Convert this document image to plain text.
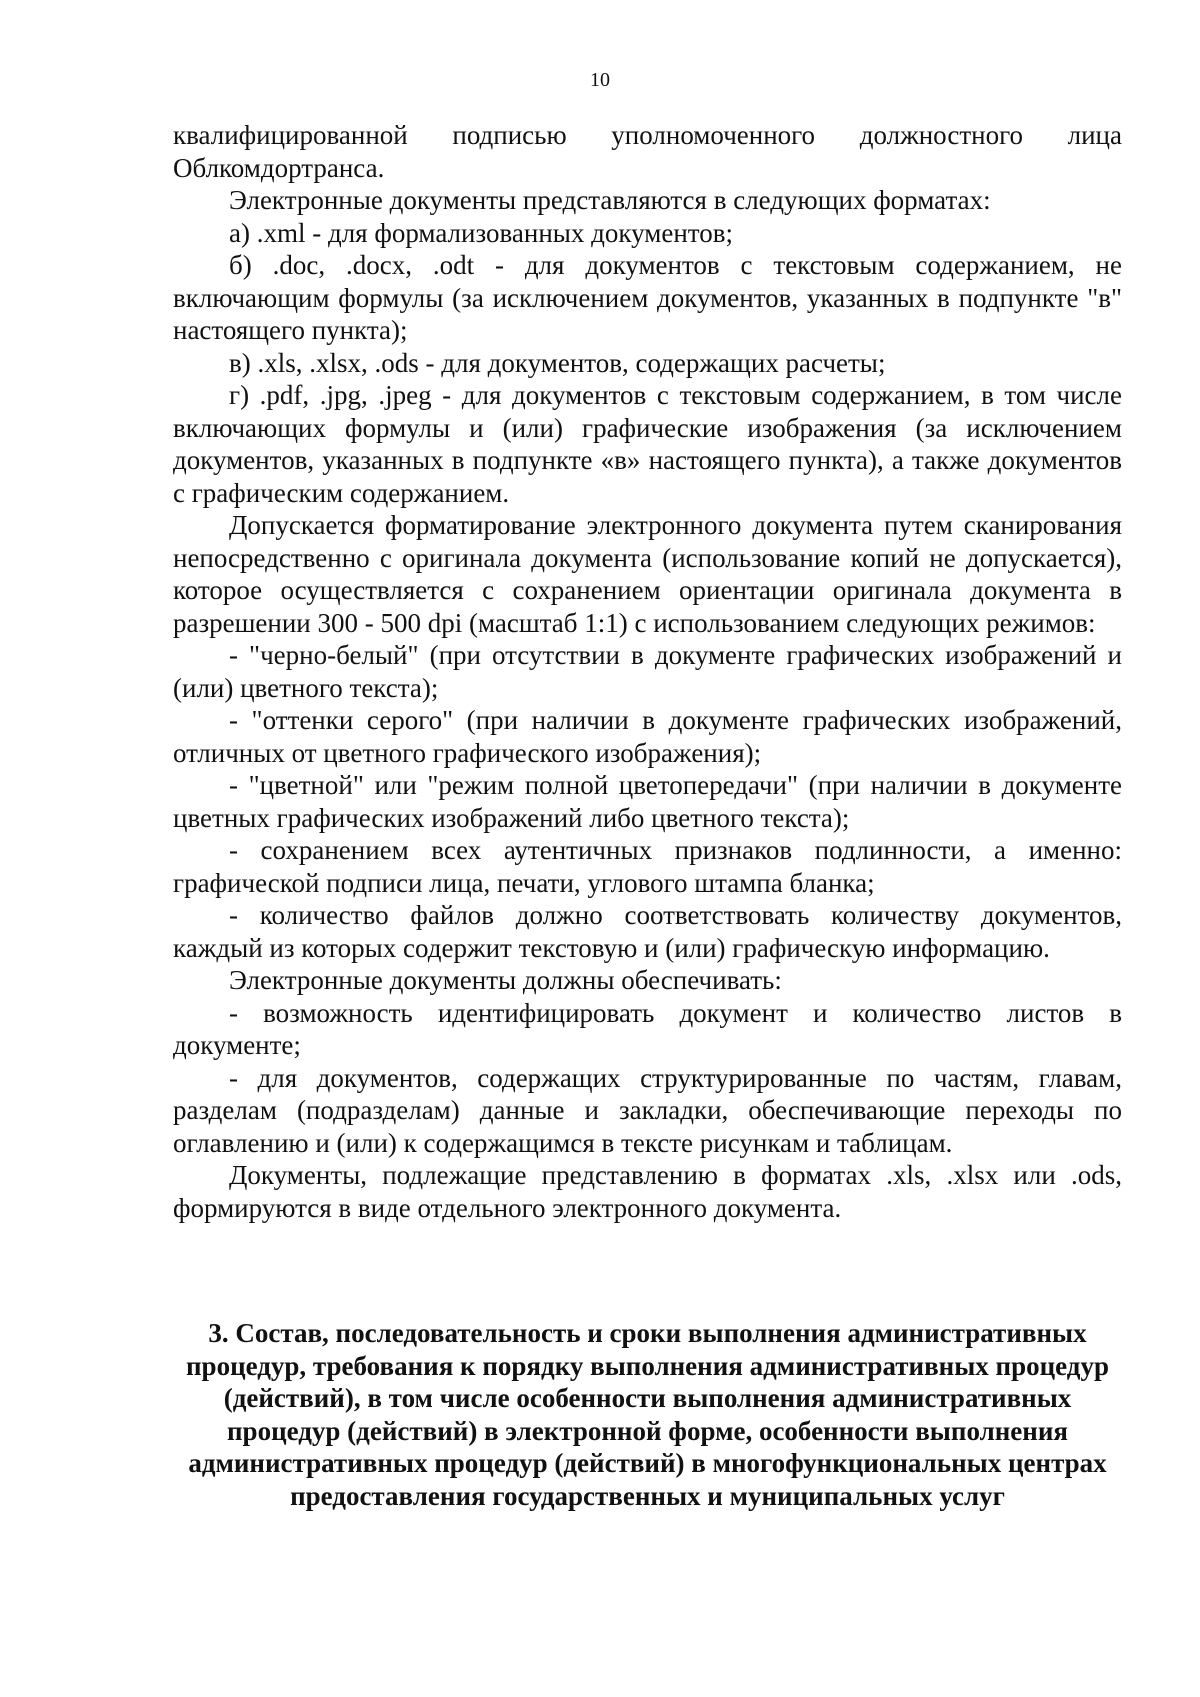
10

квалифицированной подписью уполномоченного должностного лица Облкомдортранса.

Электронные документы представляются в следующих форматах:

а) .xml - для формализованных документов;

б) .doc, .docx, .odt - для документов с текстовым содержанием, не включающим формулы (за исключением документов, указанных в подпункте "в" настоящего пункта);

в) .xls, .xlsx, .ods - для документов, содержащих расчеты;

г) .pdf, .jpg, .jpeg - для документов с текстовым содержанием, в том числе включающих формулы и (или) графические изображения (за исключением документов, указанных в подпункте «в» настоящего пункта), а также документов с графическим содержанием.

Допускается форматирование электронного документа путем сканирования непосредственно с оригинала документа (использование копий не допускается), которое осуществляется с сохранением ориентации оригинала документа в разрешении 300 - 500 dpi (масштаб 1:1) с использованием следующих режимов:

- "черно-белый" (при отсутствии в документе графических изображений и (или) цветного текста);

- "оттенки серого" (при наличии в документе графических изображений, отличных от цветного графического изображения);

- "цветной" или "режим полной цветопередачи" (при наличии в документе цветных графических изображений либо цветного текста);

- сохранением всех аутентичных признаков подлинности, а именно: графической подписи лица, печати, углового штампа бланка;

- количество файлов должно соответствовать количеству документов, каждый из которых содержит текстовую и (или) графическую информацию.

Электронные документы должны обеспечивать:

- возможность идентифицировать документ и количество листов в документе;

- для документов, содержащих структурированные по частям, главам, разделам (подразделам) данные и закладки, обеспечивающие переходы по оглавлению и (или) к содержащимся в тексте рисункам и таблицам.

Документы, подлежащие представлению в форматах .xls, .xlsx или .ods, формируются в виде отдельного электронного документа.

3. Состав, последовательность и сроки выполнения административных процедур, требования к порядку выполнения административных процедур (действий), в том числе особенности выполнения административных процедур (действий) в электронной форме, особенности выполнения административных процедур (действий) в многофункциональных центрах предоставления государственных и муниципальных услуг
